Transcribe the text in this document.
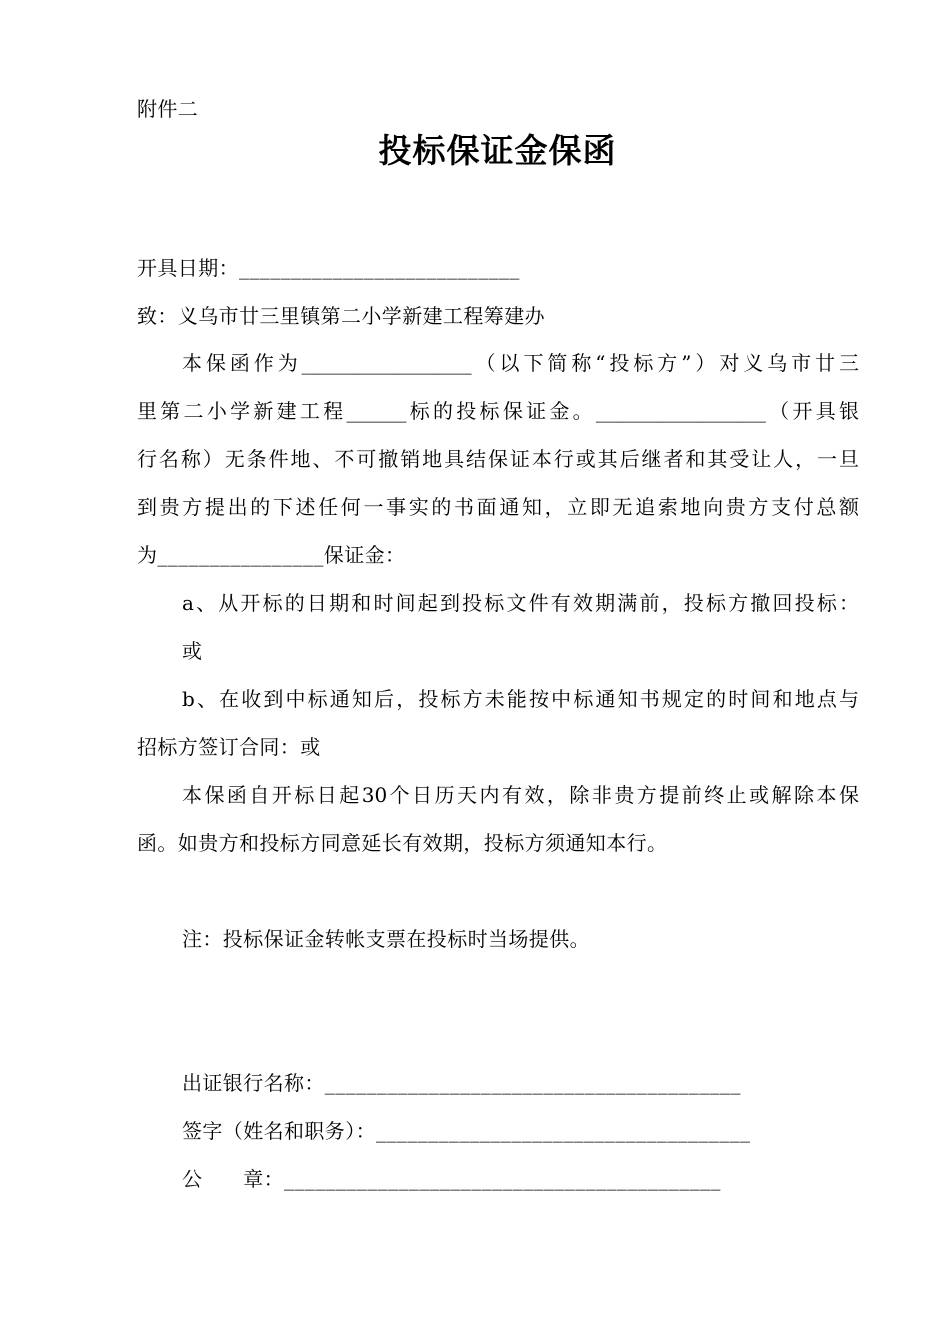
附件二
投标保证金保函
开具日期：___________________________
致：义乌市廿三里镇第二小学新建工程筹建办
本保函作为_________________（以下简称“投标方”）对义乌市廿三
里第二小学新建工程______标的投标保证金。_________________（开具银
行名称）无条件地、不可撤销地具结保证本行或其后继者和其受让人，一旦
到贵方提出的下述任何一事实的书面通知，立即无追索地向贵方支付总额
为________________保证金：
a、从开标的日期和时间起到投标文件有效期满前，投标方撤回投标：
或
b、在收到中标通知后，投标方未能按中标通知书规定的时间和地点与
招标方签订合同：或
本保函自开标日起30个日历天内有效，除非贵方提前终止或解除本保
函。如贵方和投标方同意延长有效期，投标方须通知本行。
注：投标保证金转帐支票在投标时当场提供。
出证银行名称：________________________________________
签字（姓名和职务）：____________________________________
公　　章：__________________________________________
